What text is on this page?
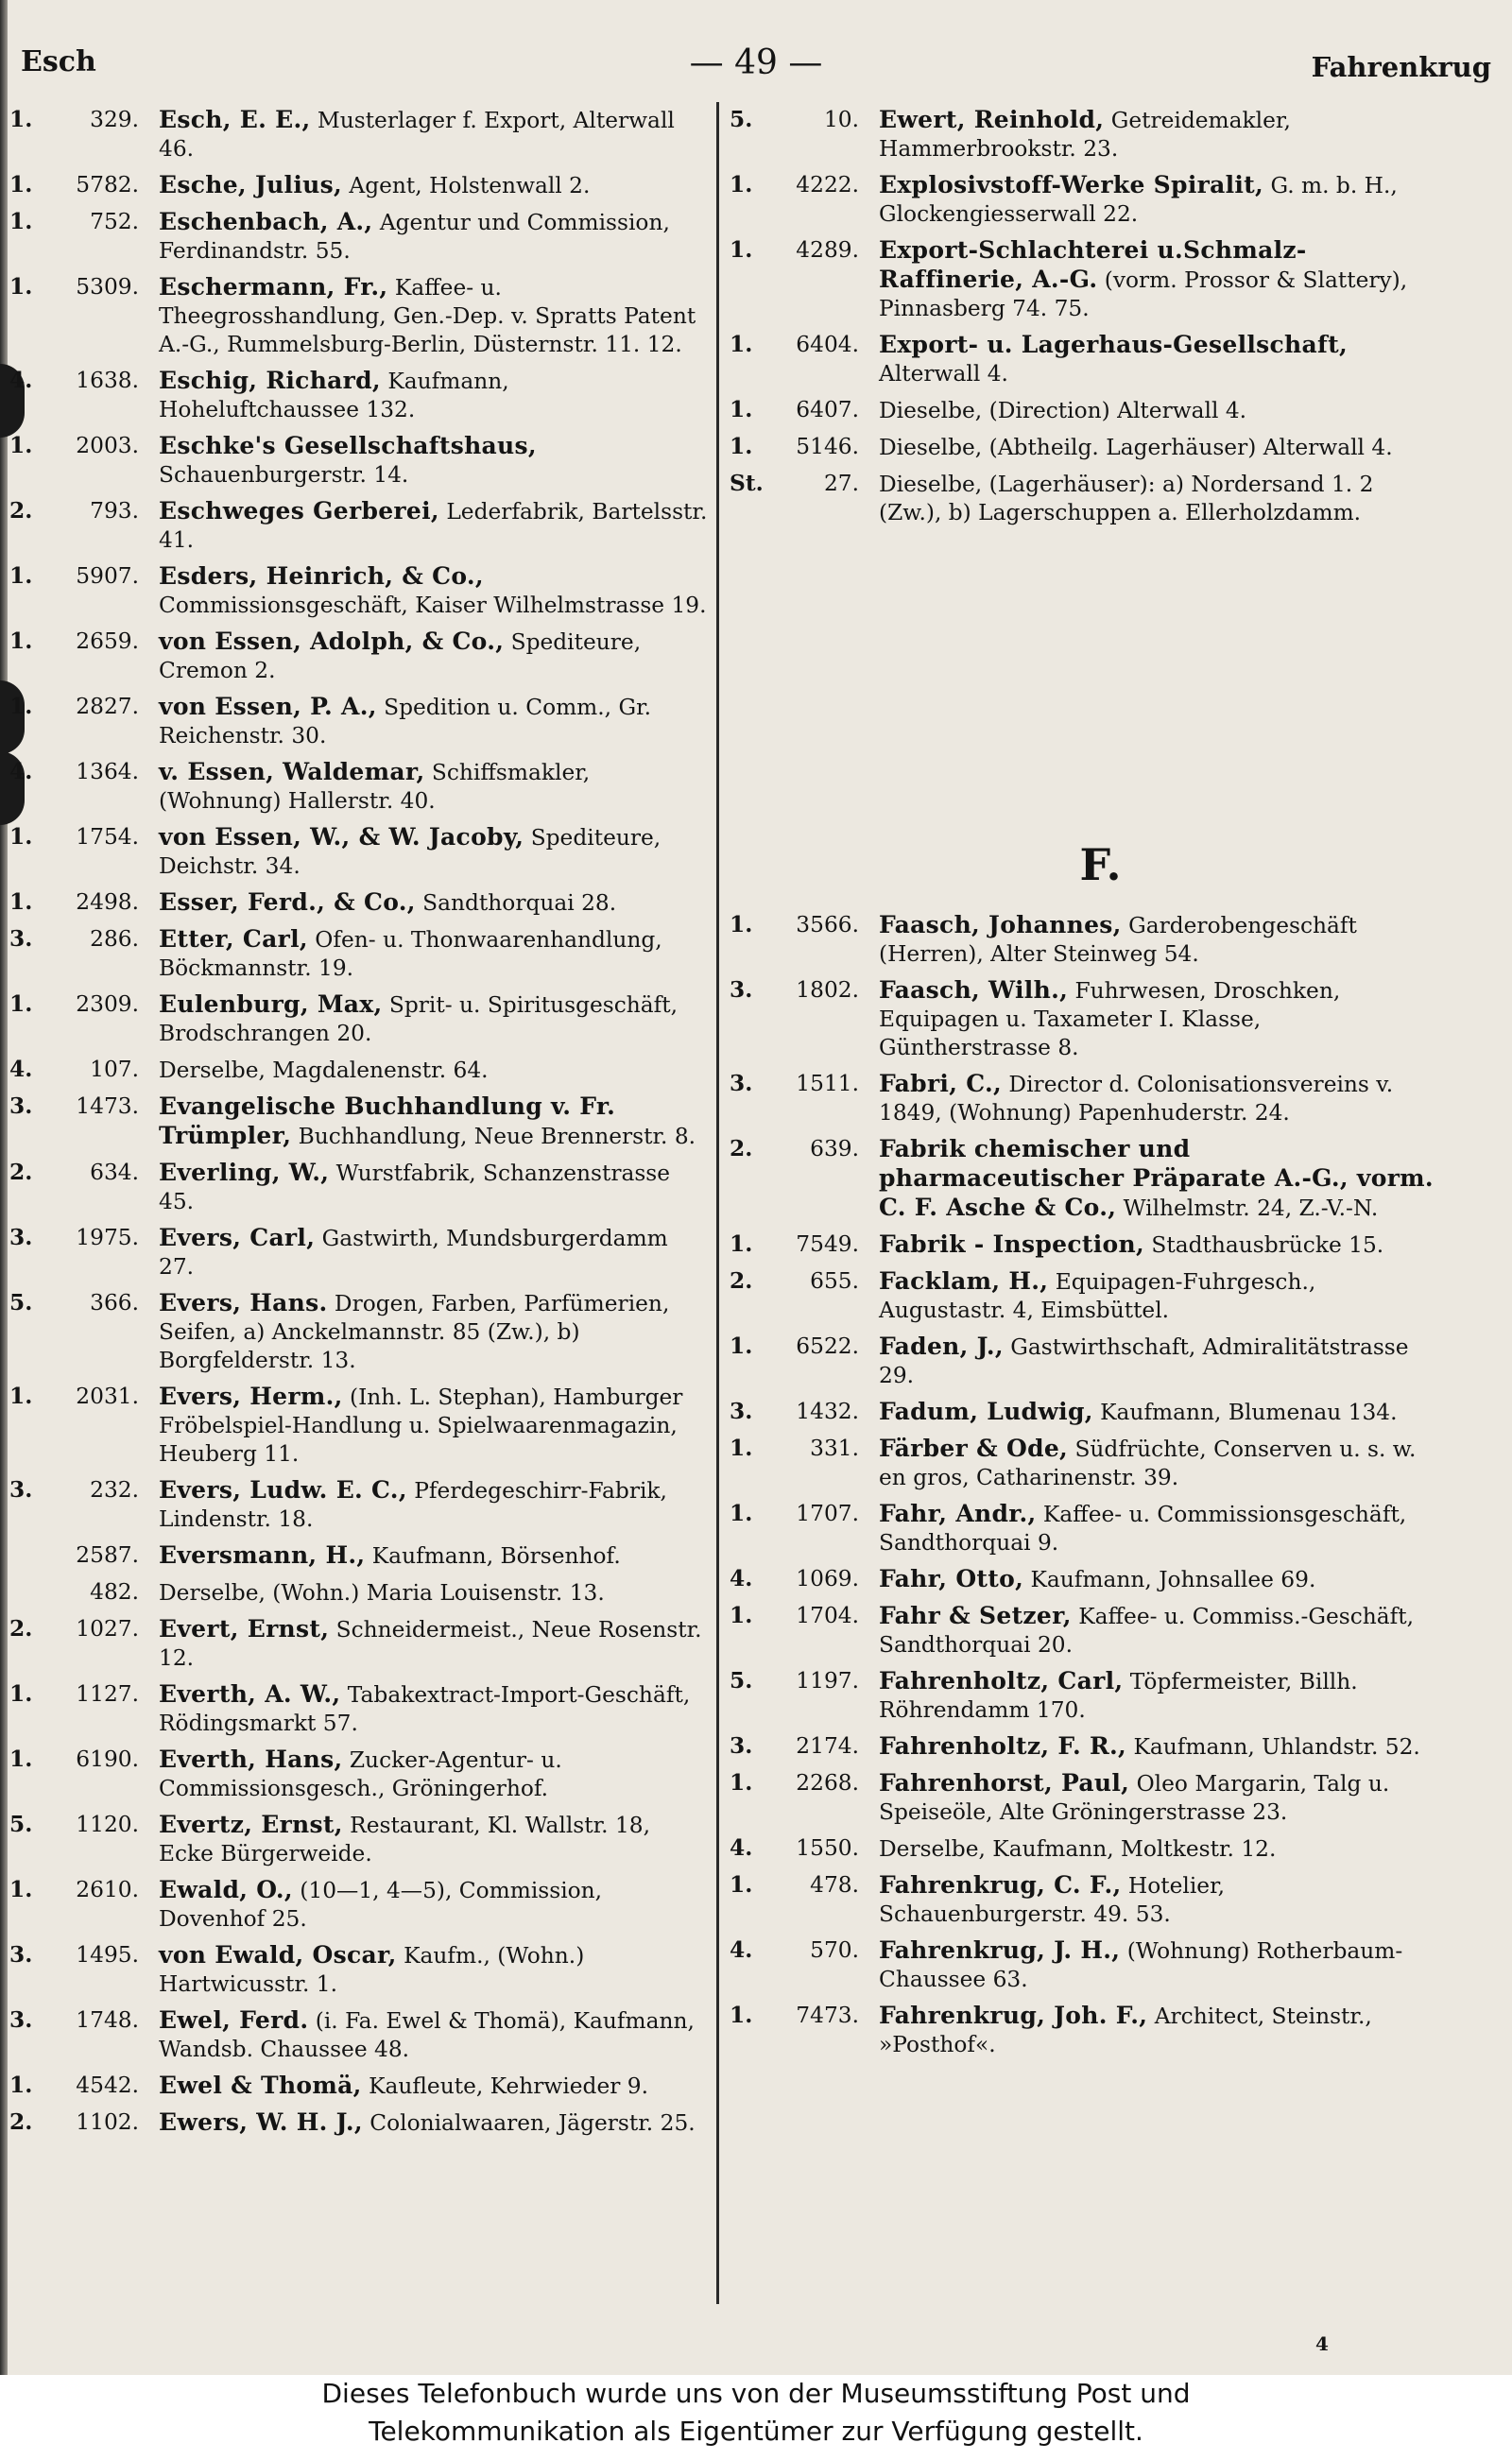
Esch	— 49 —	Fahrenkrug
1.	329. Esch, E. E., Musterlager f. Export, Alterwall 46.
1. 5782. Esche, Julius, Agent, Holstenwall 2.
1.	752. Eschenbach, A., Agentur und Commission, Ferdinandstr. 55.
1. 5309. Eschermann, Fr., Kaffee- u. Theegrosshandlung, Gen.-Dep. v. Spratts Patent A.-G., Rummelsburg-Berlin, Düsternstr. 11. 12.
4. 1638. Eschig, Richard, Kaufmann, Hoheluftchaussee 132.
1. 2003. Eschke's Gesellschaftshaus, Schauenburgerstr. 14.
2.	793. Eschweges Gerberei, Lederfabrik, Bartelsstr. 41.
1. 5907. Esders, Heinrich, & Co., Commissionsgeschäft, Kaiser Wilhelmstrasse 19.
1. 2659. von Essen, Adolph, & Co., Spediteure, Cremon 2.
1. 2827. von Essen, P. A., Spedition u. Comm., Gr. Reichenstr. 30.
4. 1364. v. Essen, Waldemar, Schiffsmakler, (Wohnung) Hallerstr. 40.
1. 1754. von Essen, W., & W. Jacoby, Spediteure, Deichstr. 34.
1. 2498. Esser, Ferd., & Co., Sandthorquai 28.
3.	286. Etter, Carl, Ofen- u. Thonwaarenhandlung, Böckmannstr. 19.
1. 2309. Eulenburg, Max, Sprit- u. Spiritusgeschäft, Brodschrangen 20.
4.	107. Derselbe, Magdalenenstr. 64.
3. 1473. Evangelische Buchhandlung v. Fr. Trümpler, Buchhandlung, Neue Brennerstr. 8.
2.	634. Everling, W., Wurstfabrik, Schanzenstrasse 45.
3. 1975. Evers, Carl, Gastwirth, Mundsburgerdamm 27.
5.	366. Evers, Hans. Drogen, Farben, Parfümerien, Seifen, a) Anckelmannstr. 85 (Zw.), b) Borgfelderstr. 13.
1. 2031. Evers, Herm., (Inh. L. Stephan), Hamburger Fröbelspiel-Handlung u. Spielwaarenmagazin, Heuberg 11.
3.	232. Evers, Ludw. E. C., Pferdegeschirr-Fabrik, Lindenstr. 18.
2587. Eversmann, H., Kaufmann, Börsenhof.
482. Derselbe, (Wohn.) Maria Louisenstr. 13.
2. 1027. Evert, Ernst, Schneidermeist., Neue Rosenstr. 12.
1. 1127. Everth, A. W., Tabakextract-Import-Geschäft, Rödingsmarkt 57.
1. 6190. Everth, Hans, Zucker-Agentur- u. Commissionsgesch., Gröningerhof.
5. 1120. Evertz, Ernst, Restaurant, Kl. Wallstr. 18, Ecke Bürgerweide.
1. 2610. Ewald, O., (10—1, 4—5), Commission, Dovenhof 25.
3. 1495. von Ewald, Oscar, Kaufm., (Wohn.) Hartwicusstr. 1.
3. 1748. Ewel, Ferd. (i. Fa. Ewel & Thomä), Kaufmann, Wandsb. Chaussee 48.
1. 4542. Ewel & Thomä, Kaufleute, Kehrwieder 9.
2. 1102. Ewers, W. H. J., Colonialwaaren, Jägerstr. 25.
5.	10. Ewert, Reinhold, Getreidemakler, Hammerbrookstr. 23.
1. 4222. Explosivstoff-Werke Spiralit, G. m. b. H., Glockengiesserwall 22.
1. 4289. Export-Schlachterei u.Schmalz-Raffinerie, A.-G. (vorm. Prossor & Slattery), Pinnasberg 74. 75.
1. 6404. Export- u. Lagerhaus-Gesellschaft, Alterwall 4.
1. 6407. Dieselbe, (Direction) Alterwall 4.
1. 5146. Dieselbe, (Abtheilg. Lagerhäuser) Alterwall 4.
St.	27. Dieselbe, (Lagerhäuser): a) Nordersand 1. 2 (Zw.), b) Lagerschuppen a. Ellerholzdamm.
F.
1. 3566. Faasch, Johannes, Garderobengeschäft (Herren), Alter Steinweg 54.
3. 1802. Faasch, Wilh., Fuhrwesen, Droschken, Equipagen u. Taxameter I. Klasse, Güntherstrasse 8.
3. 1511. Fabri, C., Director d. Colonisationsvereins v. 1849, (Wohnung) Papenhuderstr. 24.
2.	639. Fabrik chemischer und pharmaceutischer Präparate A.-G., vorm. C. F. Asche & Co., Wilhelmstr. 24, Z.-V.-N.
1. 7549. Fabrik - Inspection, Stadthausbrücke 15.
2.	655. Facklam, H., Equipagen-Fuhrgesch., Augustastr. 4, Eimsbüttel.
1. 6522. Faden, J., Gastwirthschaft, Admiralitätstrasse 29.
3. 1432. Fadum, Ludwig, Kaufmann, Blumenau 134.
1.	331. Färber & Ode, Südfrüchte, Conserven u. s. w. en gros, Catharinenstr. 39.
1. 1707. Fahr, Andr., Kaffee- u. Commissionsgeschäft, Sandthorquai 9.
4. 1069. Fahr, Otto, Kaufmann, Johnsallee 69.
1. 1704. Fahr & Setzer, Kaffee- u. Commiss.-Geschäft, Sandthorquai 20.
5. 1197. Fahrenholtz, Carl, Töpfermeister, Billh. Röhrendamm 170.
3. 2174. Fahrenholtz, F. R., Kaufmann, Uhlandstr. 52.
1. 2268. Fahrenhorst, Paul, Oleo Margarin, Talg u. Speiseöle, Alte Gröningerstrasse 23.
4. 1550. Derselbe, Kaufmann, Moltkestr. 12.
1.	478. Fahrenkrug, C. F., Hotelier, Schauenburgerstr. 49. 53.
4.	570. Fahrenkrug, J. H., (Wohnung) Rotherbaum-Chaussee 63.
1. 7473. Fahrenkrug, Joh. F., Architect, Steinstr., »Posthof«.
4
Dieses Telefonbuch wurde uns von der Museumsstiftung Post und
Telekommunikation als Eigentümer zur Verfügung gestellt.
